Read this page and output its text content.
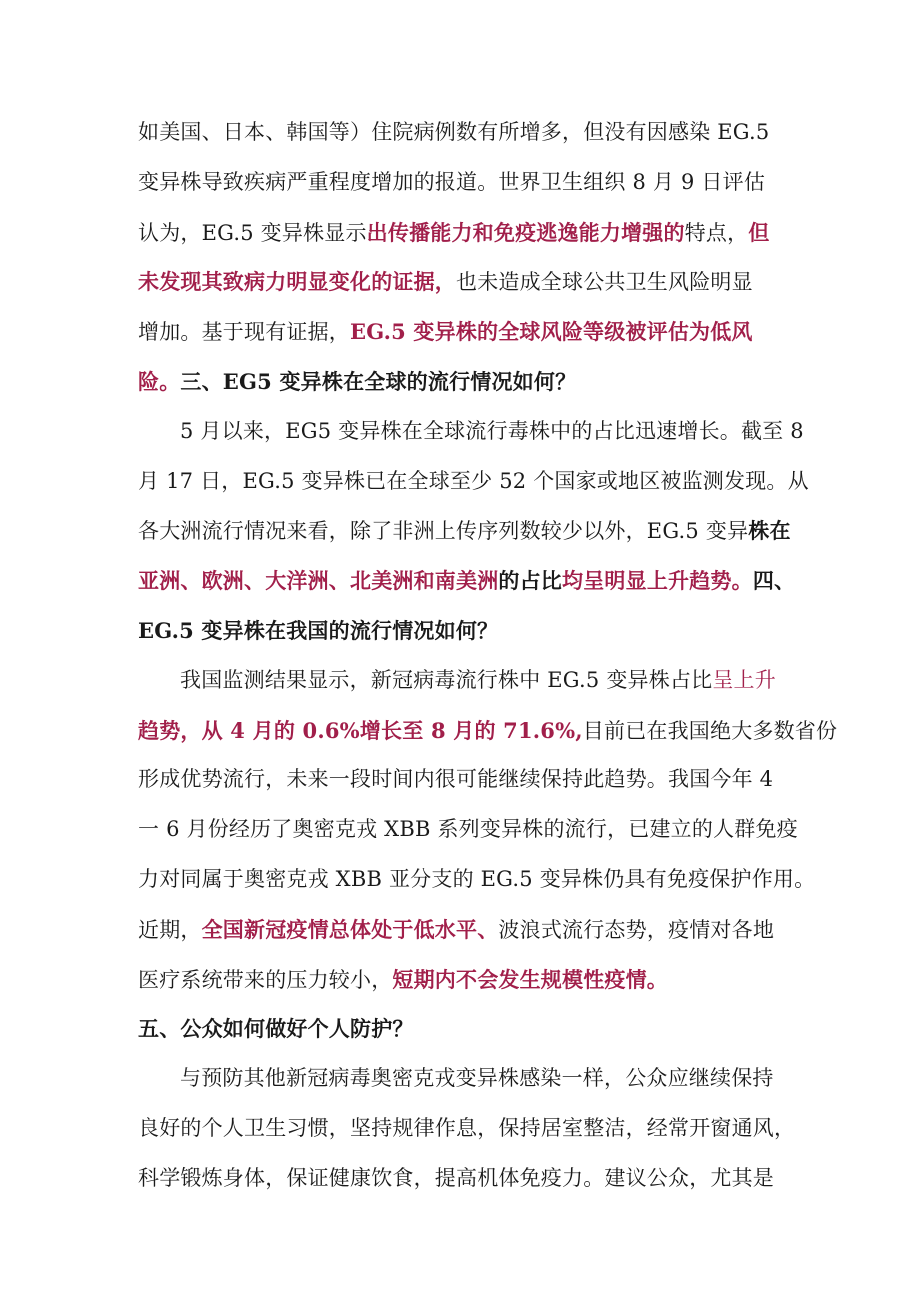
如美国、日本、韩国等）住院病例数有所增多，但没有因感染 EG.5
变异株导致疾病严重程度增加的报道。世界卫生组织 8 月 9 日评估
认为，EG.5 变异株显示出传播能力和免疫逃逸能力增强的特点，但
未发现其致病力明显变化的证据，也未造成全球公共卫生风险明显
增加。基于现有证据，EG.5 变异株的全球风险等级被评估为低风
险。三、EG5 变异株在全球的流行情况如何？
5 月以来，EG5 变异株在全球流行毒株中的占比迅速增长。截至 8
月 17 日，EG.5 变异株已在全球至少 52 个国家或地区被监测发现。从
各大洲流行情况来看，除了非洲上传序列数较少以外，EG.5 变异株在
亚洲、欧洲、大洋洲、北美洲和南美洲的占比均呈明显上升趋势。四、
EG.5 变异株在我国的流行情况如何？
我国监测结果显示，新冠病毒流行株中 EG.5 变异株占比呈上升
趋势，从 4 月的 0.6%增长至 8 月的 71.6%,目前已在我国绝大多数省份
形成优势流行，未来一段时间内很可能继续保持此趋势。我国今年 4
一 6 月份经历了奥密克戎 XBB 系列变异株的流行，已建立的人群免疫
力对同属于奥密克戎 XBB 亚分支的 EG.5 变异株仍具有免疫保护作用。
近期，全国新冠疫情总体处于低水平、波浪式流行态势，疫情对各地
医疗系统带来的压力较小，短期内不会发生规模性疫情。
五、公众如何做好个人防护？
与预防其他新冠病毒奥密克戎变异株感染一样，公众应继续保持
良好的个人卫生习惯，坚持规律作息，保持居室整洁，经常开窗通风，
科学锻炼身体，保证健康饮食，提高机体免疫力。建议公众，尤其是
